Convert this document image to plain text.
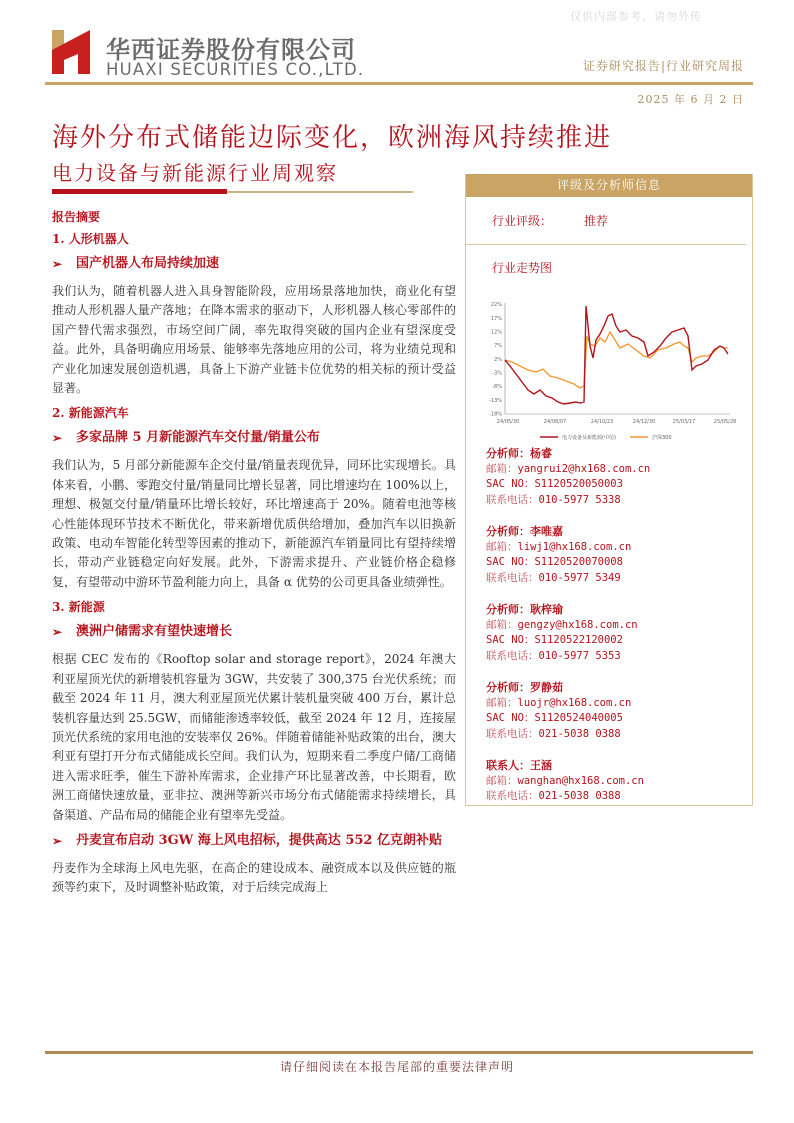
仅供内部参考，请勿外传
华西证券股份有限公司
HUAXI SECURITIES CO.,LTD.	证券研究报告|行业研究周报
2025 年 6 月 2 日
海外分布式储能边际变化，欧洲海风持续推进
电力设备与新能源行业周观察

报告摘要

1. 人形机器人

➢	国产机器人布局持续加速

我们认为，随着机器人进入具身智能阶段，应用场景落地加快，商业化有望推动人形机器人量产落地；在降本需求的驱动下，人形机器人核心零部件的国产替代需求强烈，市场空间广阔，率先取得突破的国内企业有望深度受益。此外，具备明确应用场景、能够率先落地应用的公司，将为业绩兑现和产业化加速发展创造机遇，具备上下游产业链卡位优势的相关标的预计受益显著。

2. 新能源汽车

➢	多家品牌 5 月新能源汽车交付量/销量公布

我们认为，5 月部分新能源车企交付量/销量表现优异，同环比实现增长。具体来看，小鹏、零跑交付量/销量同比增长显著，同比增速均在 100%以上，理想、极氪交付量/销量环比增长较好，环比增速高于 20%。随着电池等核心性能体现环节技术不断优化，带来新增优质供给增加，叠加汽车以旧换新政策、电动车智能化转型等因素的推动下，新能源汽车销量同比有望持续增长，带动产业链稳定向好发展。此外，下游需求提升、产业链价格企稳修复，有望带动中游环节盈利能力向上，具备 α 优势的公司更具备业绩弹性。

3. 新能源

➢	澳洲户储需求有望快速增长

根据 CEC 发布的《Rooftop solar and storage report》，2024 年澳大利亚屋顶光伏的新增装机容量为 3GW，共安装了 300,375 台光伏系统；而截至 2024 年 11 月，澳大利亚屋顶光伏累计装机量突破 400 万台，累计总装机容量达到 25.5GW，而储能渗透率较低，截至 2024 年 12 月，连接屋顶光伏系统的家用电池的安装率仅 26%。伴随着储能补贴政策的出台，澳大利亚有望打开分布式储能成长空间。我们认为，短期来看二季度户储/工商储进入需求旺季，催生下游补库需求，企业排产环比显著改善，中长期看，欧洲工商储快速放量，亚非拉、澳洲等新兴市场分布式储能需求持续增长，具备渠道、产品布局的储能企业有望率先受益。

➢	丹麦宣布启动 3GW 海上风电招标，提供高达 552 亿克朗补贴

丹麦作为全球海上风电先驱，在高企的建设成本、融资成本以及供应链的瓶颈等约束下，及时调整补贴政策，对于后续完成海上

评级及分析师信息
行业评级：	推荐
行业走势图
22%
17%
12%
7%
2%
-3%
-8%
-13%
-18%
24/05/30	24/08/07	24/10/23	24/12/30	25/03/17	25/05/28
电力设备及新能源(中信)	沪深300
分析师：杨睿
邮箱：yangrui2@hx168.com.cn
SAC NO：S1120520050003
联系电话：010-5977 5338
分析师：李唯嘉
邮箱：liwj1@hx168.com.cn
SAC NO：S1120520070008
联系电话：010-5977 5349
分析师：耿梓瑜
邮箱：gengzy@hx168.com.cn
SAC NO：S1120522120002
联系电话：010-5977 5353
分析师：罗静茹
邮箱：luojr@hx168.com.cn
SAC NO：S1120524040005
联系电话：021-5038 0388
联系人：王涵
邮箱：wanghan@hx168.com.cn
联系电话：021-5038 0388
请仔细阅读在本报告尾部的重要法律声明
